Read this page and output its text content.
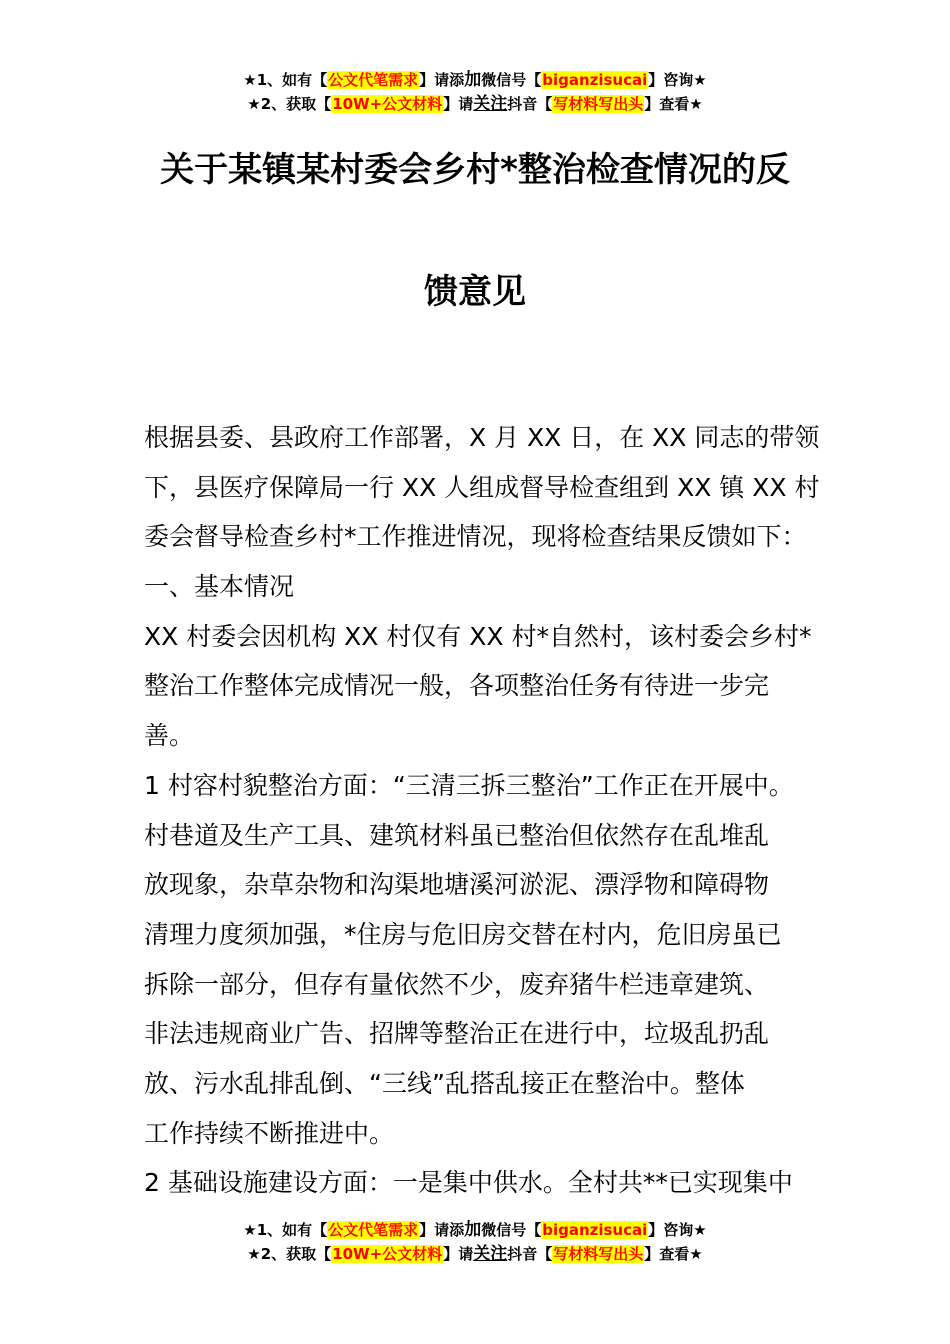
★1、如有【公文代笔需求】请添加微信号【biganzisucai】咨询★
★2、获取【10W+公文材料】请关注抖音【写材料写出头】查看★
关于某镇某村委会乡村*整治检查情况的反
馈意见
根据县委、县政府工作部署，X 月 XX 日，在 XX 同志的带领
下，县医疗保障局一行 XX 人组成督导检查组到 XX 镇 XX 村
委会督导检查乡村*工作推进情况，现将检查结果反馈如下：
一、基本情况
XX 村委会因机构 XX 村仅有 XX 村*自然村，该村委会乡村*
整治工作整体完成情况一般，各项整治任务有待进一步完
善。
1 村容村貌整治方面：“三清三拆三整治”工作正在开展中。
村巷道及生产工具、建筑材料虽已整治但依然存在乱堆乱
放现象，杂草杂物和沟渠地塘溪河淤泥、漂浮物和障碍物
清理力度须加强，*住房与危旧房交替在村内，危旧房虽已
拆除一部分，但存有量依然不少，废弃猪牛栏违章建筑、
非法违规商业广告、招牌等整治正在进行中，垃圾乱扔乱
放、污水乱排乱倒、“三线”乱搭乱接正在整治中。整体
工作持续不断推进中。
2 基础设施建设方面：一是集中供水。全村共**已实现集中
★1、如有【公文代笔需求】请添加微信号【biganzisucai】咨询★
★2、获取【10W+公文材料】请关注抖音【写材料写出头】查看★
